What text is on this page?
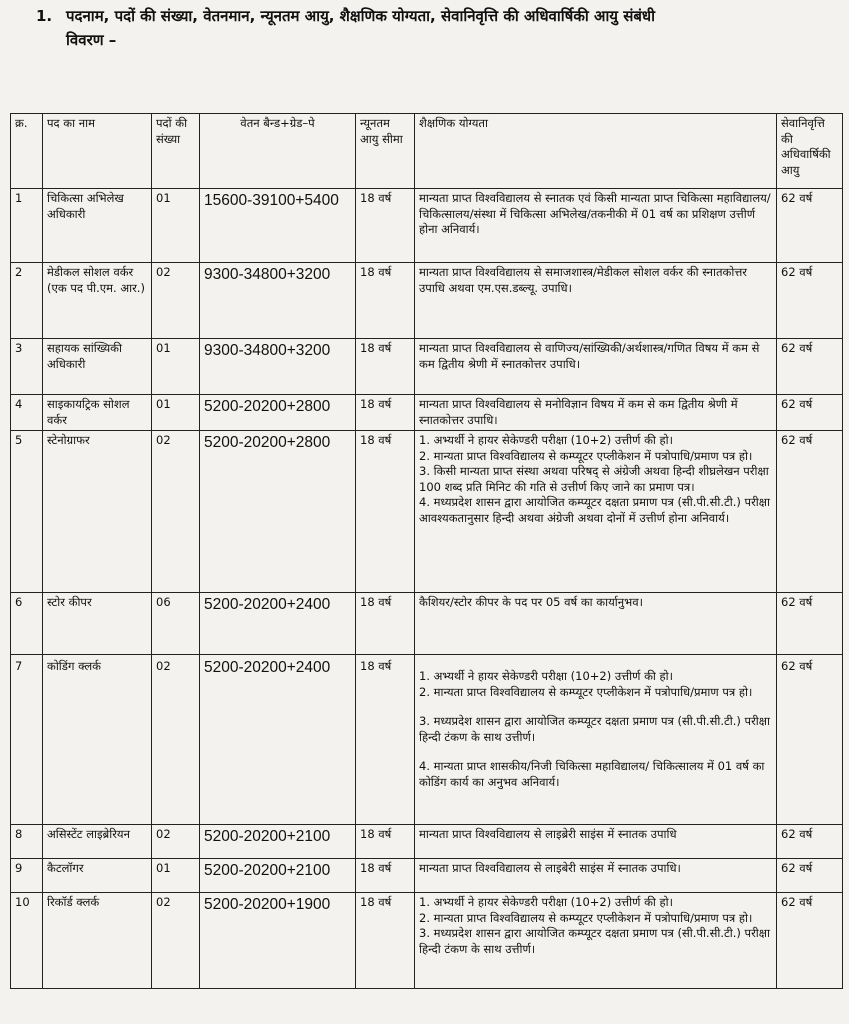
1. पदनाम, पदों की संख्या, वेतनमान, न्यूनतम आयु, शैक्षणिक योग्यता, सेवानिवृत्ति की अधिवार्षिकी आयु संबंधी
विवरण –
क्र.	पद का नाम	पदों की संख्या	वेतन बैन्ड+ग्रेड–पे	न्यूनतम आयु सीमा	शैक्षणिक योग्यता	सेवानिवृत्ति की अधिवार्षिकी आयु
1	चिकित्सा अभिलेख अधिकारी	01	15600-39100+5400	18 वर्ष	मान्यता प्राप्त विश्वविद्यालय से स्नातक एवं किसी मान्यता प्राप्त चिकित्सा महाविद्यालय/चिकित्सालय/संस्था में चिकित्सा अभिलेख/तकनीकी में 01 वर्ष का प्रशिक्षण उत्तीर्ण होना अनिवार्य।	62 वर्ष
2	मेडीकल सोशल वर्कर (एक पद पी.एम. आर.)	02	9300-34800+3200	18 वर्ष	मान्यता प्राप्त विश्वविद्यालय से समाजशास्त्र/मेडीकल सोशल वर्कर की स्नातकोत्तर उपाधि अथवा एम.एस.डब्ल्यू. उपाधि।	62 वर्ष
3	सहायक सांख्यिकी अधिकारी	01	9300-34800+3200	18 वर्ष	मान्यता प्राप्त विश्वविद्यालय से वाणिज्य/सांख्यिकी/अर्थशास्त्र/गणित विषय में कम से कम द्वितीय श्रेणी में स्नातकोत्तर उपाधि।	62 वर्ष
4	साइकायट्रिक सोशल वर्कर	01	5200-20200+2800	18 वर्ष	मान्यता प्राप्त विश्वविद्यालय से मनोविज्ञान विषय में कम से कम द्वितीय श्रेणी में स्नातकोत्तर उपाधि।	62 वर्ष
5	स्टेनोग्राफर	02	5200-20200+2800	18 वर्ष	1. अभ्यर्थी ने हायर सेकेण्डरी परीक्षा (10+2) उत्तीर्ण की हो।

2. मान्यता प्राप्त विश्वविद्यालय से कम्प्यूटर एप्लीकेशन में पत्रोपाधि/प्रमाण पत्र हो।

3. किसी मान्यता प्राप्त संस्था अथवा परिषद् से अंग्रेजी अथवा हिन्दी शीघ्रलेखन परीक्षा 100 शब्द प्रति मिनिट की गति से उत्तीर्ण किए जाने का प्रमाण पत्र।

4. मध्यप्रदेश शासन द्वारा आयोजित कम्प्यूटर दक्षता प्रमाण पत्र (सी.पी.सी.टी.) परीक्षा आवश्यकतानुसार हिन्दी अथवा अंग्रेजी अथवा दोनों में उत्तीर्ण होना अनिवार्य।	62 वर्ष
6	स्टोर कीपर	06	5200-20200+2400	18 वर्ष	कैशियर/स्टोर कीपर के पद पर 05 वर्ष का कार्यानुभव।	62 वर्ष
7	कोडिंग क्लर्क	02	5200-20200+2400	18 वर्ष	1. अभ्यर्थी ने हायर सेकेण्डरी परीक्षा (10+2) उत्तीर्ण की हो।

2. मान्यता प्राप्त विश्वविद्यालय से कम्प्यूटर एप्लीकेशन में पत्रोपाधि/प्रमाण पत्र हो।

3. मध्यप्रदेश शासन द्वारा आयोजित कम्प्यूटर दक्षता प्रमाण पत्र (सी.पी.सी.टी.) परीक्षा हिन्दी टंकण के साथ उत्तीर्ण।

4. मान्यता प्राप्त शासकीय/निजी चिकित्सा महाविद्यालय/ चिकित्सालय में 01 वर्ष का कोडिंग कार्य का अनुभव अनिवार्य।	62 वर्ष
8	असिस्टेंट लाइब्रेरियन	02	5200-20200+2100	18 वर्ष	मान्यता प्राप्त विश्वविद्यालय से लाइब्रेरी साइंस में स्नातक उपाधि	62 वर्ष
9	कैटलॉगर	01	5200-20200+2100	18 वर्ष	मान्यता प्राप्त विश्वविद्यालय से लाइबेरी साइंस में स्नातक उपाधि।	62 वर्ष
10	रिकॉर्ड क्लर्क	02	5200-20200+1900	18 वर्ष	1. अभ्यर्थी ने हायर सेकेण्डरी परीक्षा (10+2) उत्तीर्ण की हो।

2. मान्यता प्राप्त विश्वविद्यालय से कम्प्यूटर एप्लीकेशन में पत्रोपाधि/प्रमाण पत्र हो।

3. मध्यप्रदेश शासन द्वारा आयोजित कम्प्यूटर दक्षता प्रमाण पत्र (सी.पी.सी.टी.) परीक्षा हिन्दी टंकण के साथ उत्तीर्ण।	62 वर्ष
